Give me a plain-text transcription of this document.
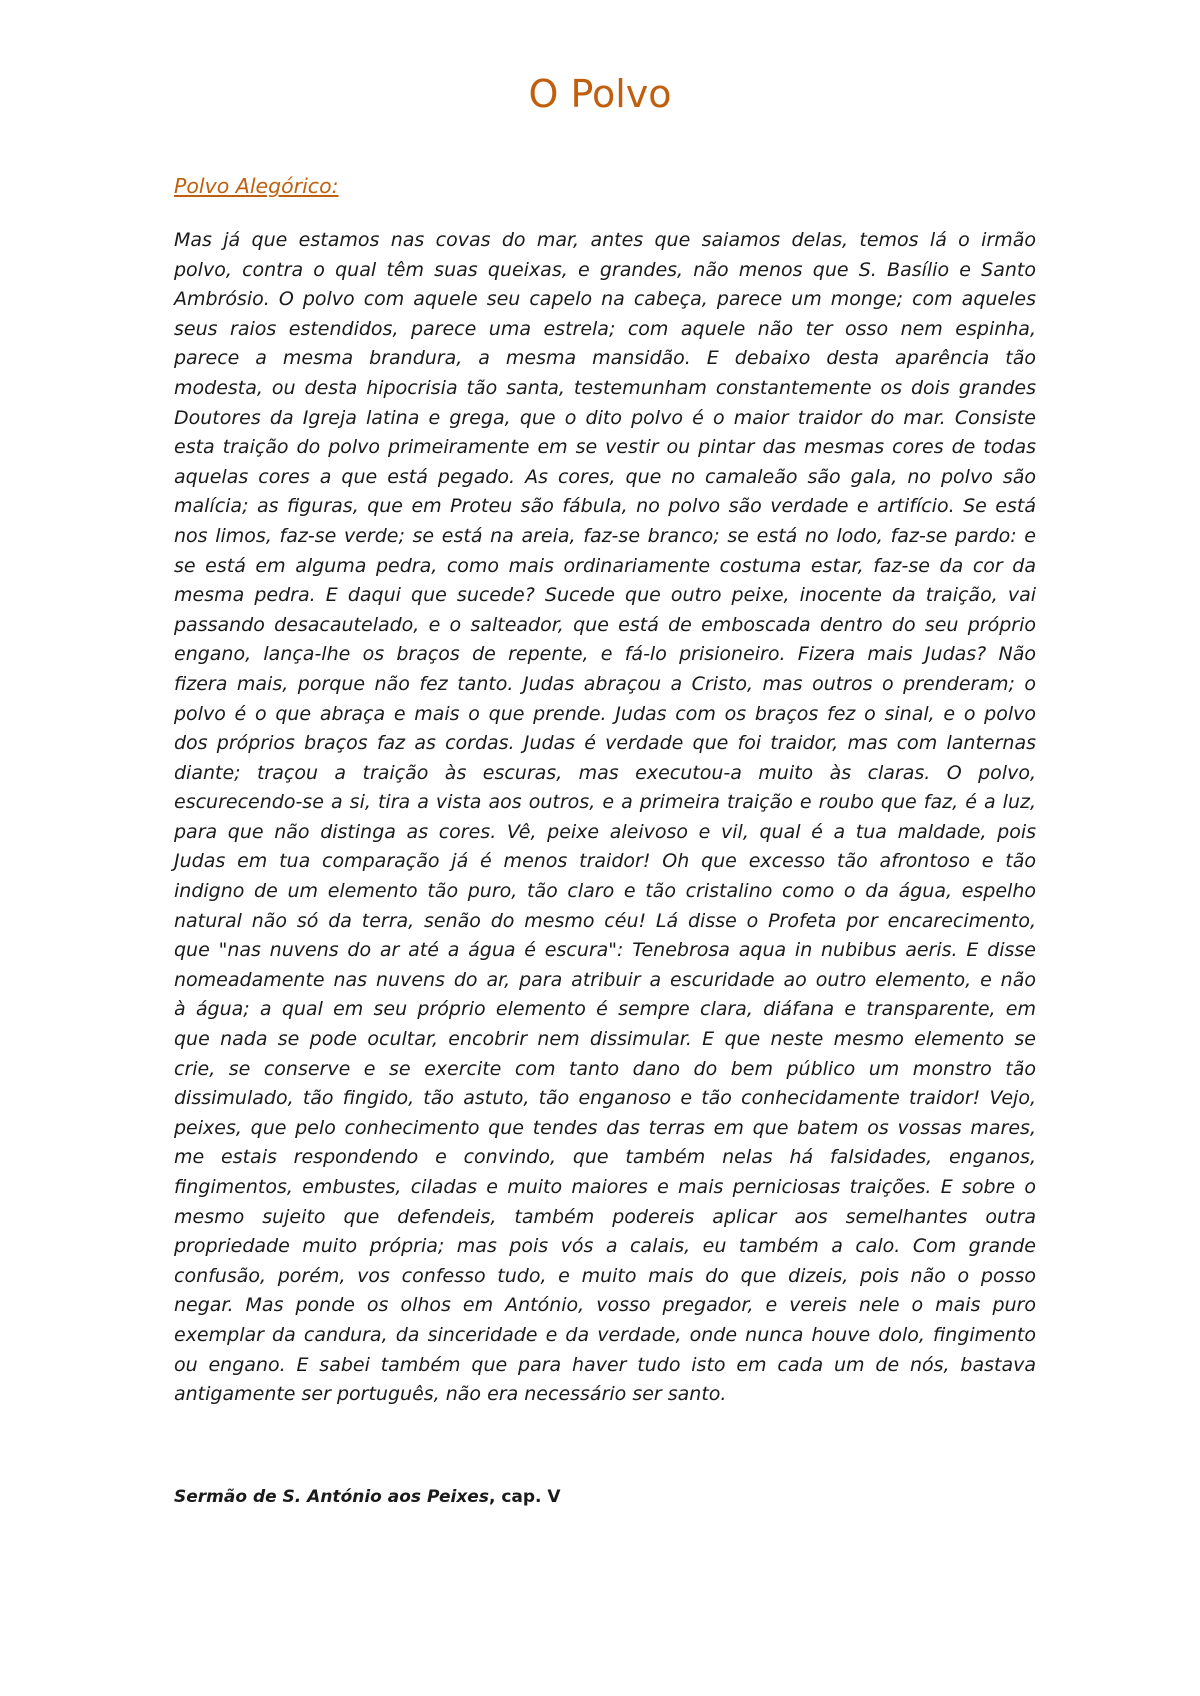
O Polvo

Polvo Alegórico:

Mas já que estamos nas covas do mar, antes que saiamos delas, temos lá o irmão
polvo, contra o qual têm suas queixas, e grandes, não menos que S. Basílio e Santo
Ambrósio. O polvo com aquele seu capelo na cabeça, parece um monge; com aqueles
seus raios estendidos, parece uma estrela; com aquele não ter osso nem espinha,
parece a mesma brandura, a mesma mansidão. E debaixo desta aparência tão
modesta, ou desta hipocrisia tão santa, testemunham constantemente os dois grandes
Doutores da Igreja latina e grega, que o dito polvo é o maior traidor do mar. Consiste
esta traição do polvo primeiramente em se vestir ou pintar das mesmas cores de todas
aquelas cores a que está pegado. As cores, que no camaleão são gala, no polvo são
malícia; as figuras, que em Proteu são fábula, no polvo são verdade e artifício. Se está
nos limos, faz-se verde; se está na areia, faz-se branco; se está no lodo, faz-se pardo: e
se está em alguma pedra, como mais ordinariamente costuma estar, faz-se da cor da
mesma pedra. E daqui que sucede? Sucede que outro peixe, inocente da traição, vai
passando desacautelado, e o salteador, que está de emboscada dentro do seu próprio
engano, lança-lhe os braços de repente, e fá-lo prisioneiro. Fizera mais Judas? Não
fizera mais, porque não fez tanto. Judas abraçou a Cristo, mas outros o prenderam; o
polvo é o que abraça e mais o que prende. Judas com os braços fez o sinal, e o polvo
dos próprios braços faz as cordas. Judas é verdade que foi traidor, mas com lanternas
diante; traçou a traição às escuras, mas executou-a muito às claras. O polvo,
escurecendo-se a si, tira a vista aos outros, e a primeira traição e roubo que faz, é a luz,
para que não distinga as cores. Vê, peixe aleivoso e vil, qual é a tua maldade, pois
Judas em tua comparação já é menos traidor! Oh que excesso tão afrontoso e tão
indigno de um elemento tão puro, tão claro e tão cristalino como o da água, espelho
natural não só da terra, senão do mesmo céu! Lá disse o Profeta por encarecimento,
que "nas nuvens do ar até a água é escura": Tenebrosa aqua in nubibus aeris. E disse
nomeadamente nas nuvens do ar, para atribuir a escuridade ao outro elemento, e não
à água; a qual em seu próprio elemento é sempre clara, diáfana e transparente, em
que nada se pode ocultar, encobrir nem dissimular. E que neste mesmo elemento se
crie, se conserve e se exercite com tanto dano do bem público um monstro tão
dissimulado, tão fingido, tão astuto, tão enganoso e tão conhecidamente traidor! Vejo,
peixes, que pelo conhecimento que tendes das terras em que batem os vossas mares,
me estais respondendo e convindo, que também nelas há falsidades, enganos,
fingimentos, embustes, ciladas e muito maiores e mais perniciosas traições. E sobre o
mesmo sujeito que defendeis, também podereis aplicar aos semelhantes outra
propriedade muito própria; mas pois vós a calais, eu também a calo. Com grande
confusão, porém, vos confesso tudo, e muito mais do que dizeis, pois não o posso
negar. Mas ponde os olhos em António, vosso pregador, e vereis nele o mais puro
exemplar da candura, da sinceridade e da verdade, onde nunca houve dolo, fingimento
ou engano. E sabei também que para haver tudo isto em cada um de nós, bastava
antigamente ser português, não era necessário ser santo.

Sermão de S. António aos Peixes, cap. V
